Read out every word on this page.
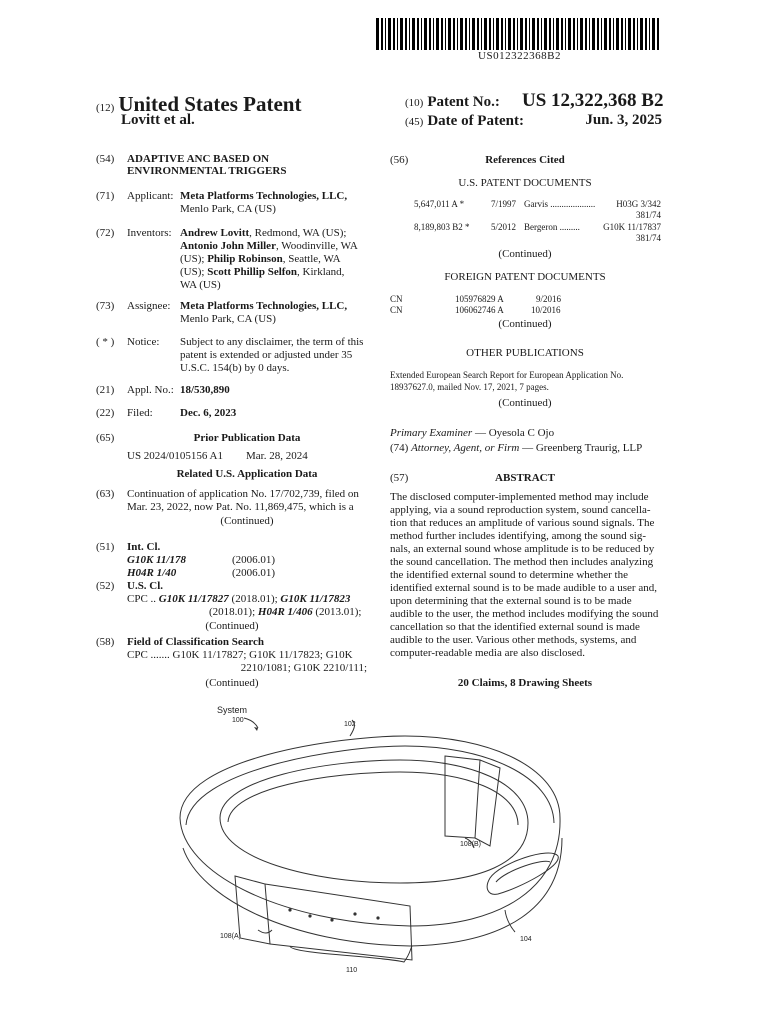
US012322368B2
(12) United States Patent
Lovitt et al.
(10) Patent No.: US 12,322,368 B2
(45) Date of Patent:	Jun. 3, 2025
(54) ADAPTIVE ANC BASED ON
ENVIRONMENTAL TRIGGERS
(71) Applicant: Meta Platforms Technologies, LLC,
Menlo Park, CA (US)
(72) Inventors: Andrew Lovitt, Redmond, WA (US);
Antonio John Miller, Woodinville, WA
(US); Philip Robinson, Seattle, WA
(US); Scott Phillip Selfon, Kirkland,
WA (US)
(73) Assignee: Meta Platforms Technologies, LLC,
Menlo Park, CA (US)
( * ) Notice: Subject to any disclaimer, the term of this
patent is extended or adjusted under 35
U.S.C. 154(b) by 0 days.
(21) Appl. No.: 18/530,890
(22) Filed: Dec. 6, 2023
(65)	Prior Publication Data
US 2024/0105156 A1 Mar. 28, 2024
Related U.S. Application Data
(63) Continuation of application No. 17/702,739, filed on
Mar. 23, 2022, now Pat. No. 11,869,475, which is a
(Continued)
(51) Int. Cl.
G10K 11/178	(2006.01)
H04R 1/40	(2006.01)
(52) U.S. Cl.
CPC .. G10K 11/17827 (2018.01); G10K 11/17823
(2018.01); H04R 1/406 (2013.01);
(Continued)
(58) Field of Classification Search
CPC ....... G10K 11/17827; G10K 11/17823; G10K
2210/1081; G10K 2210/111;
(Continued)
(56)	References Cited
U.S. PATENT DOCUMENTS
5,647,011 A *	7/1997 Garvis ....................	H03G 3/342
381/74
8,189,803 B2 * 5/2012 Bergeron .........	G10K 11/17837
381/74
(Continued)
FOREIGN PATENT DOCUMENTS
CN	105976829 A	9/2016
CN	106062746 A	10/2016
(Continued)
OTHER PUBLICATIONS
Extended European Search Report for European Application No.
18937627.0, mailed Nov. 17, 2021, 7 pages.
(Continued)
Primary Examiner — Oyesola C Ojo
(74) Attorney, Agent, or Firm — Greenberg Traurig, LLP
(57)	ABSTRACT
The disclosed computer-implemented method may include
applying, via a sound reproduction system, sound cancella-
tion that reduces an amplitude of various sound signals. The
method further includes identifying, among the sound sig-
nals, an external sound whose amplitude is to be reduced by
the sound cancellation. The method then includes analyzing
the identified external sound to determine whether the
identified external sound is to be made audible to a user and,
upon determining that the external sound is to be made
audible to the user, the method includes modifying the sound
cancellation so that the identified external sound is made
audible to the user. Various other methods, systems, and
computer-readable media are also disclosed.
20 Claims, 8 Drawing Sheets
System
100
102
108(B)
108(A)	104
110
